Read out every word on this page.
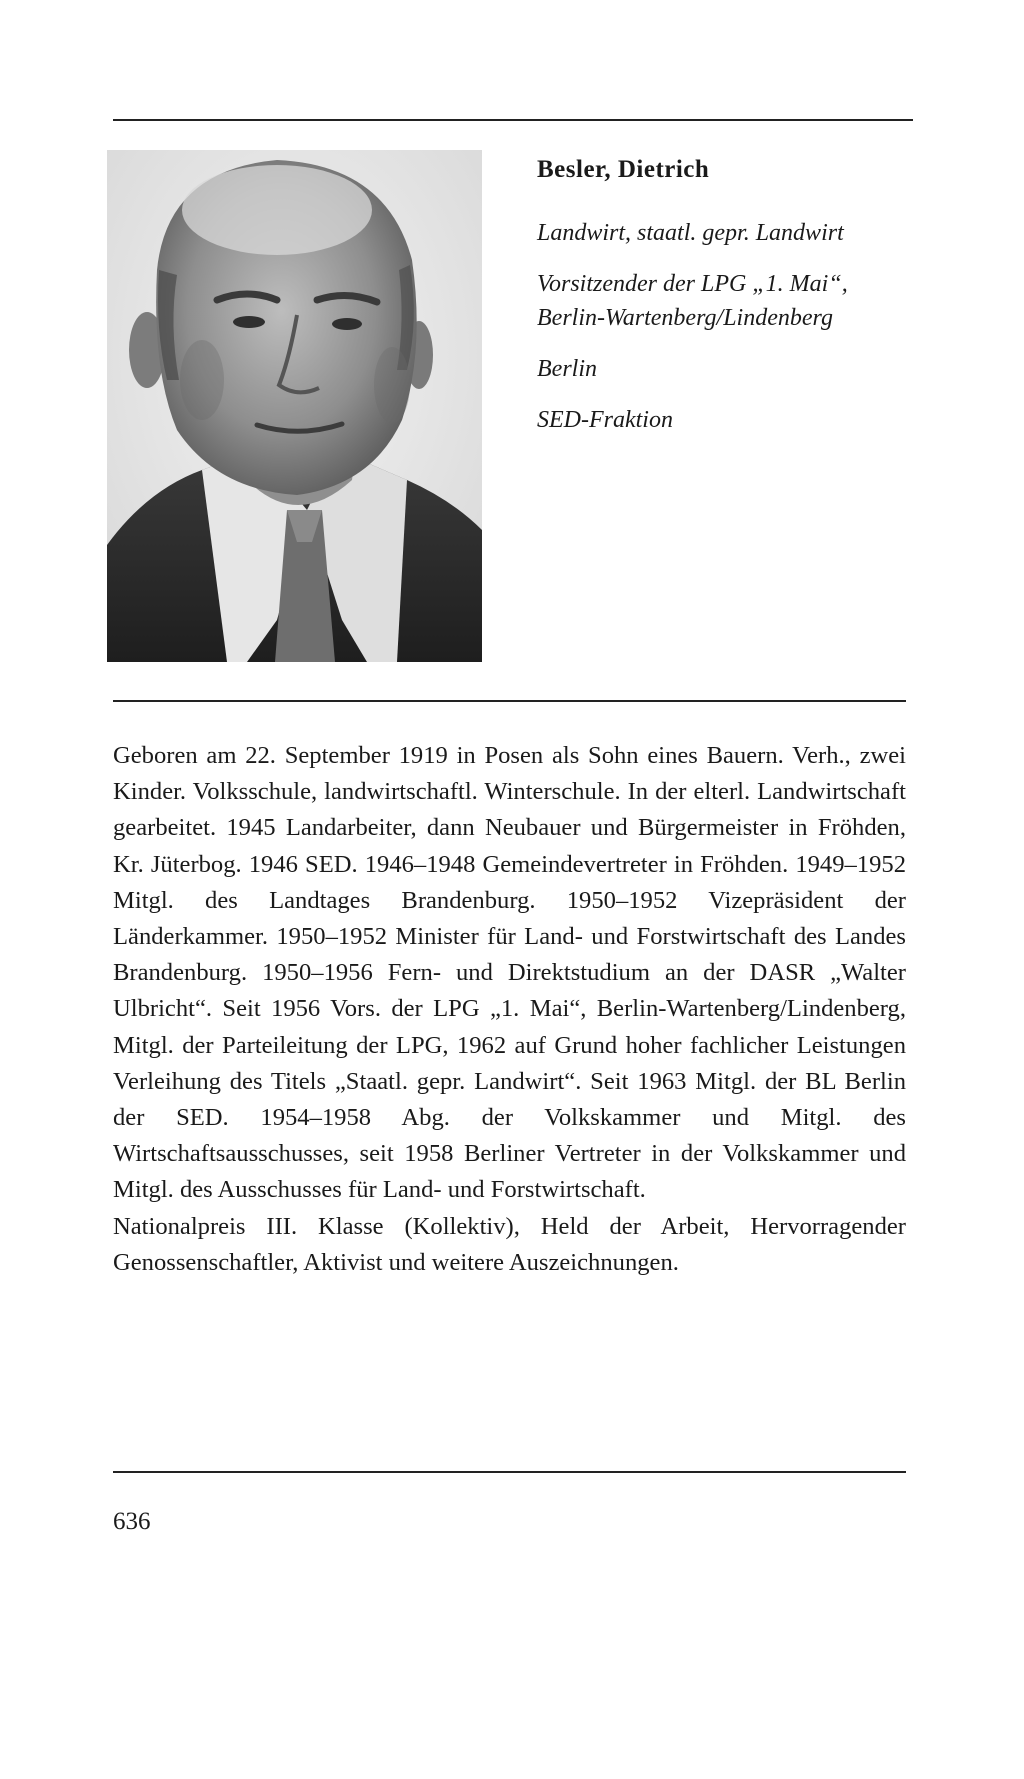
Besler, Dietrich
Landwirt, staatl. gepr. Landwirt
Vorsitzender der LPG „1. Mai“,
Berlin-Wartenberg/Lindenberg
Berlin
SED-Fraktion

Geboren am 22. September 1919 in Posen als Sohn eines Bauern. Verh., zwei Kinder. Volksschule, landwirtschaftl. Winterschule. In der elterl. Landwirtschaft gearbeitet. 1945 Landarbeiter, dann Neubauer und Bürgermeister in Fröhden, Kr. Jüterbog. 1946 SED. 1946–1948 Gemeindevertreter in Fröhden. 1949–1952 Mitgl. des Landtages Brandenburg. 1950–1952 Vizepräsident der Länderkammer. 1950–1952 Minister für Land- und Forstwirtschaft des Landes Brandenburg. 1950–1956 Fern- und Direktstudium an der DASR „Walter Ulbricht“. Seit 1956 Vors. der LPG „1. Mai“, Berlin-Wartenberg/Lindenberg, Mitgl. der Parteileitung der LPG, 1962 auf Grund hoher fachlicher Leistungen Verleihung des Titels „Staatl. gepr. Landwirt“. Seit 1963 Mitgl. der BL Berlin der SED. 1954–1958 Abg. der Volkskammer und Mitgl. des Wirtschaftsausschusses, seit 1958 Berliner Vertreter in der Volkskammer und Mitgl. des Ausschusses für Land- und Forstwirtschaft.

Nationalpreis III. Klasse (Kollektiv), Held der Arbeit, Hervorragender Genossenschaftler, Aktivist und weitere Auszeichnungen.

636
